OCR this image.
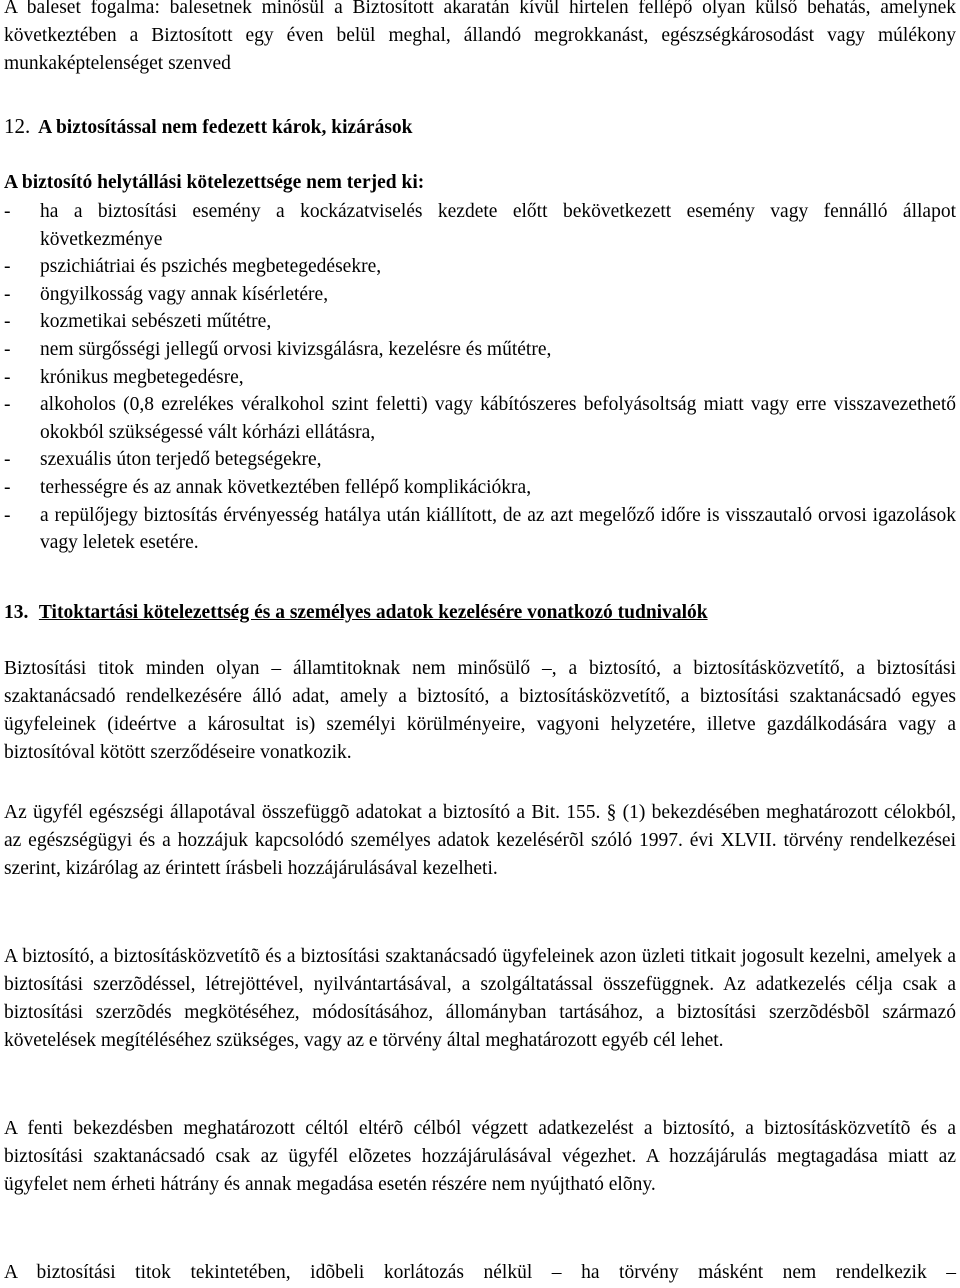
A baleset fogalma: balesetnek minősül a Biztosított akaratán kívül hirtelen fellépő olyan külső behatás, amelynek következtében a Biztosított egy éven belül meghal, állandó megrokkanást, egészségkárosodást vagy múlékony munkaképtelenséget szenved

12. A biztosítással nem fedezett károk, kizárások

A biztosító helytállási kötelezettsége nem terjed ki:

- ha a biztosítási esemény a kockázatviselés kezdete előtt bekövetkezett esemény vagy fennálló állapot következménye
- pszichiátriai és pszichés megbetegedésekre,
- öngyilkosság vagy annak kísérletére,
- kozmetikai sebészeti műtétre,
- nem sürgősségi jellegű orvosi kivizsgálásra, kezelésre és műtétre,
- krónikus megbetegedésre,
- alkoholos (0,8 ezrelékes véralkohol szint feletti) vagy kábítószeres befolyásoltság miatt vagy erre visszavezethető okokból szükségessé vált kórházi ellátásra,
- szexuális úton terjedő betegségekre,
- terhességre és az annak következtében fellépő komplikációkra,
- a repülőjegy biztosítás érvényesség hatálya után kiállított, de az azt megelőző időre is visszautaló orvosi igazolások vagy leletek esetére.
13. Titoktartási kötelezettség és a személyes adatok kezelésére vonatkozó tudnivalók

Biztosítási titok minden olyan – államtitoknak nem minősülő –, a biztosító, a biztosításközvetítő, a biztosítási szaktanácsadó rendelkezésére álló adat, amely a biztosító, a biztosításközvetítő, a biztosítási szaktanácsadó egyes ügyfeleinek (ideértve a károsultat is) személyi körülményeire, vagyoni helyzetére, illetve gazdálkodására vagy a biztosítóval kötött szerződéseire vonatkozik.

Az ügyfél egészségi állapotával összefüggõ adatokat a biztosító a Bit. 155. § (1) bekezdésében meghatározott célokból, az egészségügyi és a hozzájuk kapcsolódó személyes adatok kezelésérõl szóló 1997. évi XLVII. törvény rendelkezései szerint, kizárólag az érintett írásbeli hozzájárulásával kezelheti.

A biztosító, a biztosításközvetítõ és a biztosítási szaktanácsadó ügyfeleinek azon üzleti titkait jogosult kezelni, amelyek a biztosítási szerzõdéssel, létrejöttével, nyilvántartásával, a szolgáltatással összefüggnek. Az adatkezelés célja csak a biztosítási szerzõdés megkötéséhez, módosításához, állományban tartásához, a biztosítási szerzõdésbõl származó követelések megítéléséhez szükséges, vagy az e törvény által meghatározott egyéb cél lehet.

A fenti bekezdésben meghatározott céltól eltérõ célból végzett adatkezelést a biztosító, a biztosításközvetítõ és a biztosítási szaktanácsadó csak az ügyfél elõzetes hozzájárulásával végezhet. A hozzájárulás megtagadása miatt az ügyfelet nem érheti hátrány és annak megadása esetén részére nem nyújtható elõny.

A biztosítási titok tekintetében, idõbeli korlátozás nélkül – ha törvény másként nem rendelkezik –
